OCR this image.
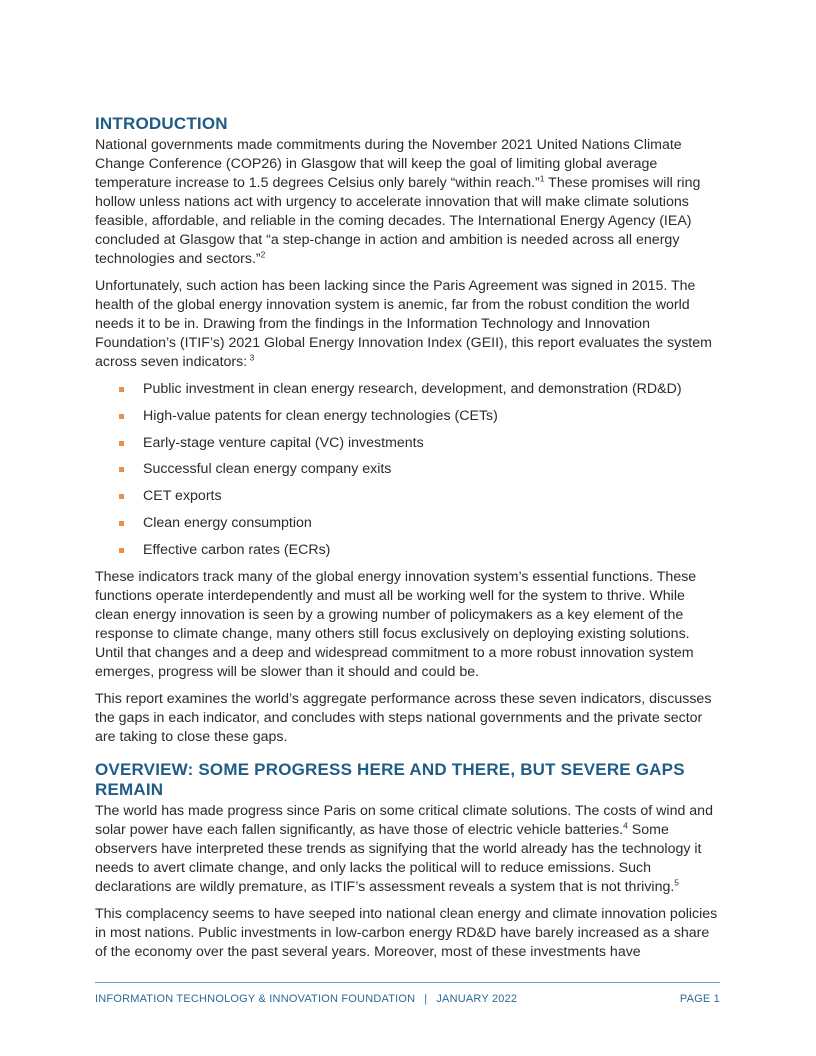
INTRODUCTION

National governments made commitments during the November 2021 United Nations Climate Change Conference (COP26) in Glasgow that will keep the goal of limiting global average temperature increase to 1.5 degrees Celsius only barely “within reach.”$^1$ These promises will ring hollow unless nations act with urgency to accelerate innovation that will make climate solutions feasible, affordable, and reliable in the coming decades. The International Energy Agency (IEA) concluded at Glasgow that “a step-change in action and ambition is needed across all energy technologies and sectors.”$^2$

Unfortunately, such action has been lacking since the Paris Agreement was signed in 2015. The health of the global energy innovation system is anemic, far from the robust condition the world needs it to be in. Drawing from the findings in the Information Technology and Innovation Foundation’s (ITIF’s) 2021 Global Energy Innovation Index (GEII), this report evaluates the system across seven indicators: $^3$

Public investment in clean energy research, development, and demonstration (RD&D)
High-value patents for clean energy technologies (CETs)
Early-stage venture capital (VC) investments
Successful clean energy company exits
CET exports
Clean energy consumption
Effective carbon rates (ECRs)

These indicators track many of the global energy innovation system’s essential functions. These functions operate interdependently and must all be working well for the system to thrive. While clean energy innovation is seen by a growing number of policymakers as a key element of the response to climate change, many others still focus exclusively on deploying existing solutions. Until that changes and a deep and widespread commitment to a more robust innovation system emerges, progress will be slower than it should and could be.

This report examines the world’s aggregate performance across these seven indicators, discusses the gaps in each indicator, and concludes with steps national governments and the private sector are taking to close these gaps.

OVERVIEW: SOME PROGRESS HERE AND THERE, BUT SEVERE GAPS REMAIN

The world has made progress since Paris on some critical climate solutions. The costs of wind and solar power have each fallen significantly, as have those of electric vehicle batteries.$^4$ Some observers have interpreted these trends as signifying that the world already has the technology it needs to avert climate change, and only lacks the political will to reduce emissions. Such declarations are wildly premature, as ITIF’s assessment reveals a system that is not thriving.$^5$

This complacency seems to have seeped into national clean energy and climate innovation policies in most nations. Public investments in low-carbon energy RD&D have barely increased as a share of the economy over the past several years. Moreover, most of these investments have

INFORMATION TECHNOLOGY & INNOVATION FOUNDATION | JANUARY 2022	PAGE 1
